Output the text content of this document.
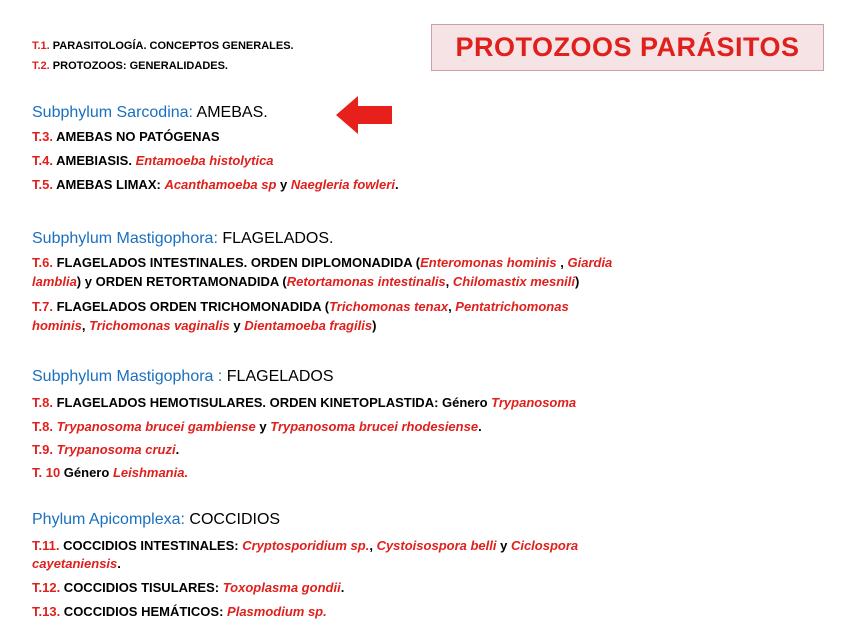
PROTOZOOS PARÁSITOS
T.1. PARASITOLOGÍA. CONCEPTOS GENERALES.
T.2. PROTOZOOS: GENERALIDADES.
Subphylum Sarcodina: AMEBAS.
T.3. AMEBAS NO PATÓGENAS
T.4. AMEBIASIS. Entamoeba histolytica
T.5. AMEBAS LIMAX: Acanthamoeba sp y Naegleria fowleri.
Subphylum Mastigophora: FLAGELADOS.
T.6. FLAGELADOS INTESTINALES. ORDEN DIPLOMONADIDA (Enteromonas hominis , Giardia
lamblia) y ORDEN RETORTAMONADIDA (Retortamonas intestinalis, Chilomastix mesnili)
T.7. FLAGELADOS ORDEN TRICHOMONADIDA (Trichomonas tenax, Pentatrichomonas
hominis, Trichomonas vaginalis y Dientamoeba fragilis)
Subphylum Mastigophora : FLAGELADOS
T.8. FLAGELADOS HEMOTISULARES. ORDEN KINETOPLASTIDA: Género Trypanosoma
T.8. Trypanosoma brucei gambiense y Trypanosoma brucei rhodesiense.
T.9. Trypanosoma cruzi.
T. 10 Género Leishmania.
Phylum Apicomplexa: COCCIDIOS
T.11. COCCIDIOS INTESTINALES: Cryptosporidium sp., Cystoisospora belli y Ciclospora
cayetaniensis.
T.12. COCCIDIOS TISULARES: Toxoplasma gondii.
T.13. COCCIDIOS HEMÁTICOS: Plasmodium sp.
